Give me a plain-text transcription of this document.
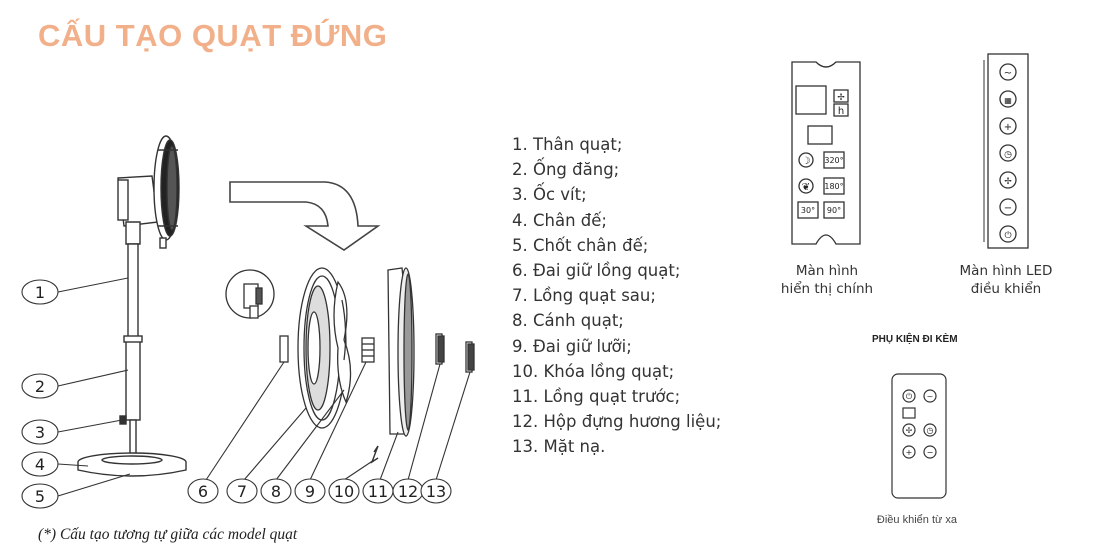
CẤU TẠO QUẠT ĐỨNG
1
2
3
4
5	6 7 8 9 10 11 12 13
✢
h
☽
❦
320°
180°
30° 90°
~
▦
+
◷
✢
−
⏻
⏻ ~
✢ ◷
+ −
1. Thân quạt;
2. Ống đăng;
3. Ốc vít;
4. Chân đế;
5. Chốt chân đế;
6. Đai giữ lồng quạt;
7. Lồng quạt sau;
8. Cánh quạt;
9. Đai giữ lưỡi;
10. Khóa lồng quạt;
11. Lồng quạt trước;
12. Hộp đựng hương liệu;
13. Mặt nạ.
Màn hình
hiển thị chính
Màn hình LED
điều khiển
PHỤ KIỆN ĐI KÈM
Điều khiển từ xa
(*) Cấu tạo tương tự giữa các model quạt
